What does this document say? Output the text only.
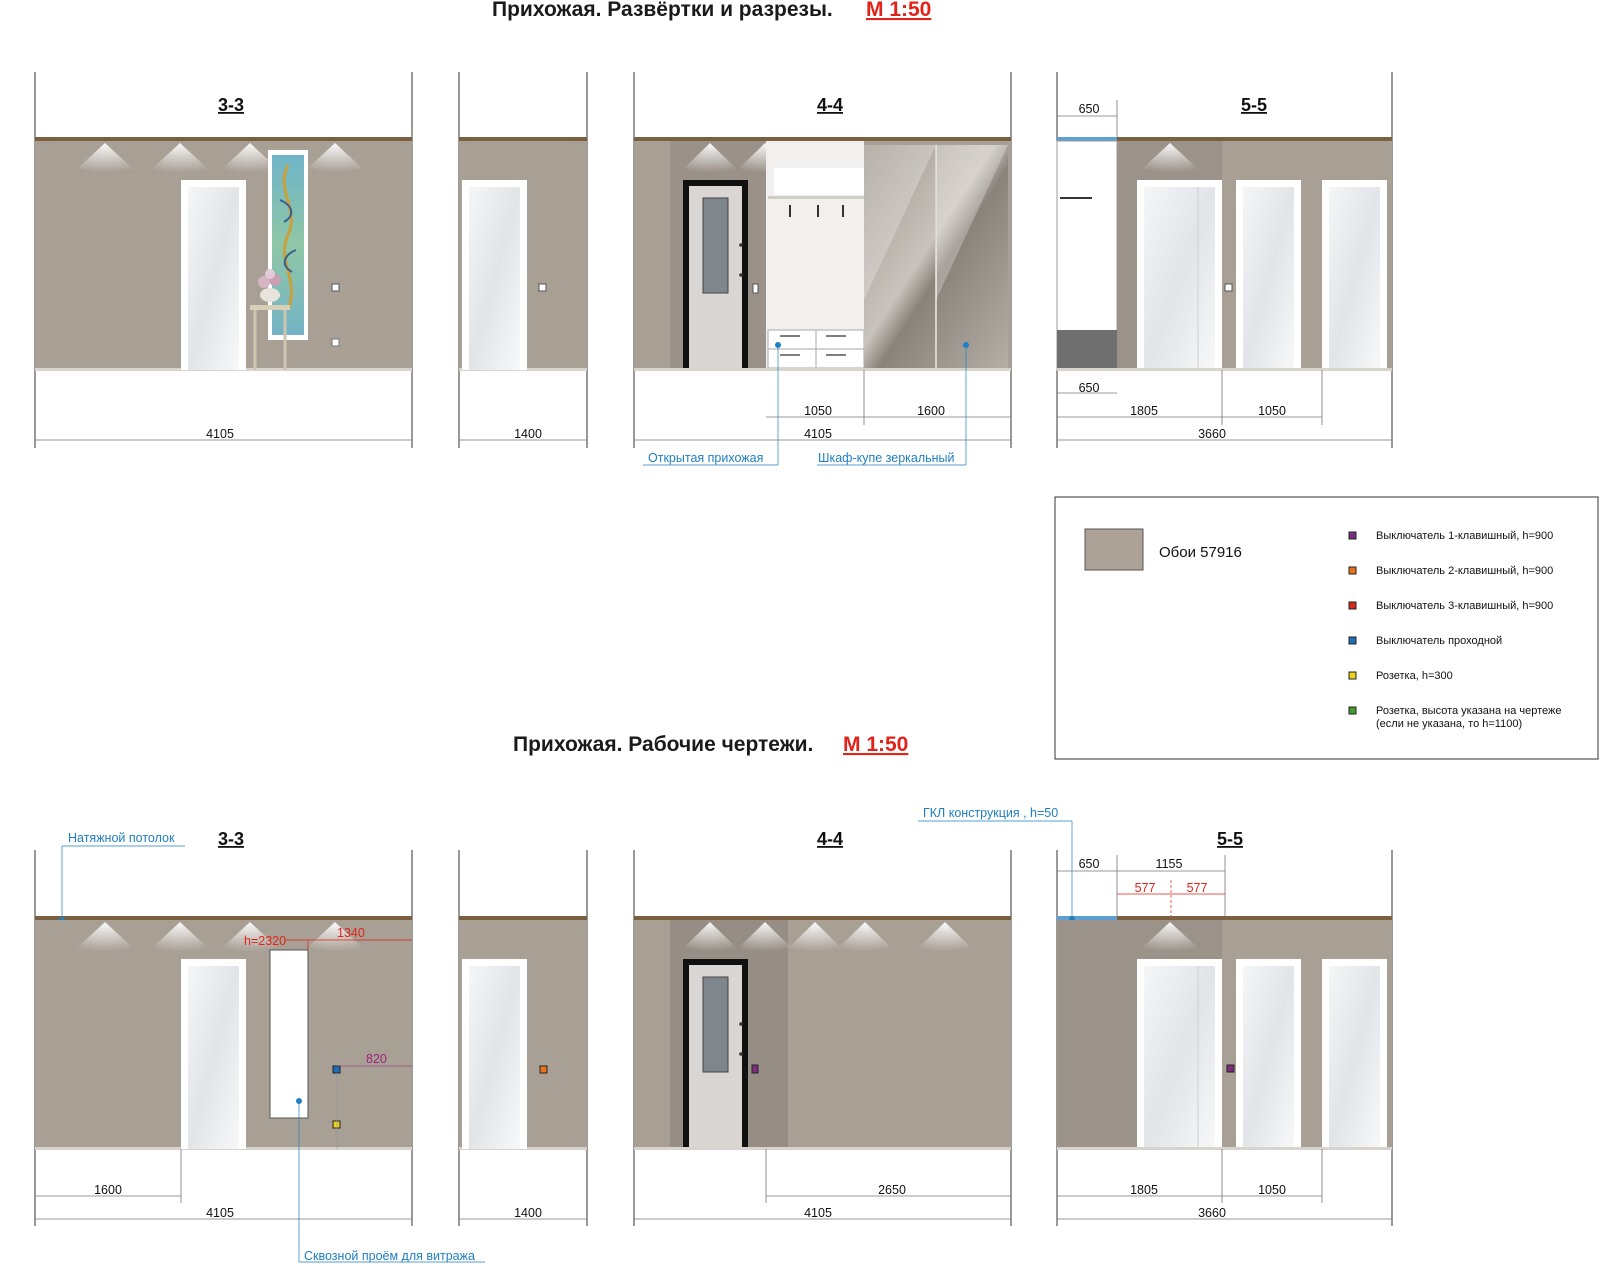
Прихожая. Развёртки и разрезы. М 1:50
Прихожая. Рабочие чертежи. М 1:50
3-3
4105	1400
4-4
1050	1600
4105
Открытая прихожая	Шкаф-купе зеркальный
5-5
650
650
1805	1050
3660
Обои 57916
Выключатель 1-клавишный, h=900
Выключатель 2-клавишный, h=900
Выключатель 3-клавишный, h=900
Выключатель проходной
Розетка, h=300
Розетка, высота указана на чертеже
(если не указана, то h=1100)
3-3
Натяжной потолок
h=2320
1340
820
Сквозной проём для витража
1600
4105	1400
4-4
2650
4105
5-5
ГКЛ конструкция , h=50
650	1155
577 577
1805	1050
3660
